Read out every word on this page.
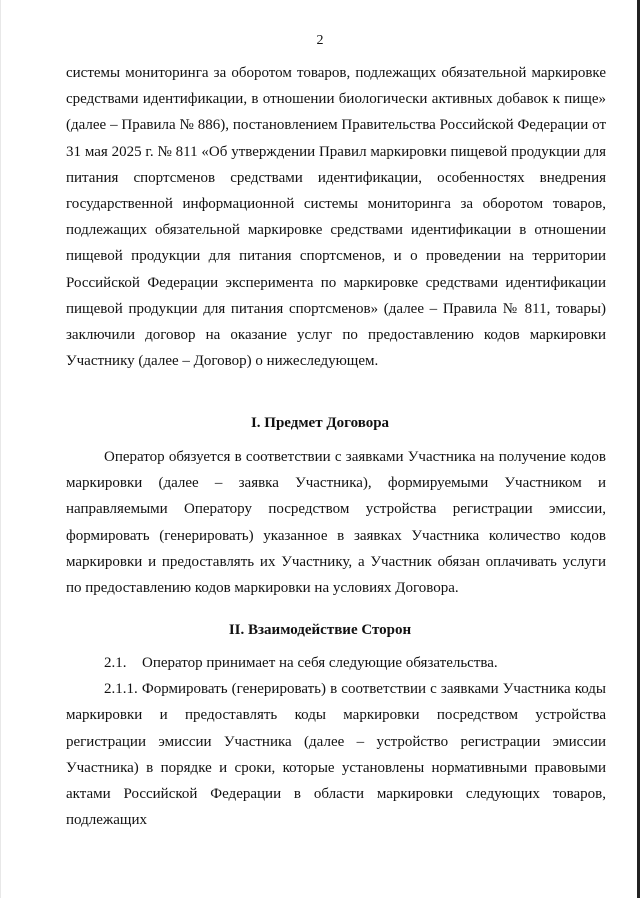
2

системы мониторинга за оборотом товаров, подлежащих обязательной маркировке средствами идентификации, в отношении биологически активных добавок к пище» (далее – Правила № 886), постановлением Правительства Российской Федерации от 31 мая 2025 г. № 811 «Об утверждении Правил маркировки пищевой продукции для питания спортсменов средствами идентификации, особенностях внедрения государственной информационной системы мониторинга за оборотом товаров, подлежащих обязательной маркировке средствами идентификации в отношении пищевой продукции для питания спортсменов, и о проведении на территории Российской Федерации эксперимента по маркировке средствами идентификации пищевой продукции для питания спортсменов» (далее – Правила № 811, товары) заключили договор на оказание услуг по предоставлению кодов маркировки Участнику (далее – Договор) о нижеследующем.

I. Предмет Договора

Оператор обязуется в соответствии с заявками Участника на получение кодов маркировки (далее – заявка Участника), формируемыми Участником и направляемыми Оператору посредством устройства регистрации эмиссии, формировать (генерировать) указанное в заявках Участника количество кодов маркировки и предоставлять их Участнику, а Участник обязан оплачивать услуги по предоставлению кодов маркировки на условиях Договора.

II. Взаимодействие Сторон

2.1. Оператор принимает на себя следующие обязательства.

2.1.1. Формировать (генерировать) в соответствии с заявками Участника коды маркировки и предоставлять коды маркировки посредством устройства регистрации эмиссии Участника (далее – устройство регистрации эмиссии Участника) в порядке и сроки, которые установлены нормативными правовыми актами Российской Федерации в области маркировки следующих товаров, подлежащих
